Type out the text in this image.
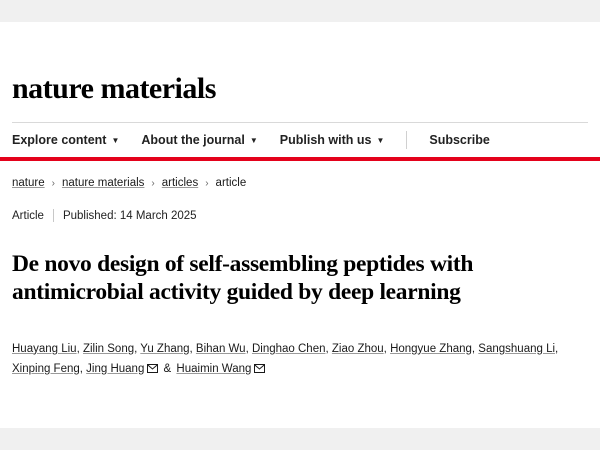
nature materials
Explore content ▼ About the journal ▼ Publish with us ▼	Subscribe
nature › nature materials › articles › article
Article Published: 14 March 2025
De novo design of self-assembling peptides with antimicrobial activity guided by deep learning
Huayang Liu, Zilin Song, Yu Zhang, Bihan Wu, Dinghao Chen, Ziao Zhou, Hongyue Zhang, Sangshuang Li, Xinping Feng, Jing Huang
& Huaimin Wang
